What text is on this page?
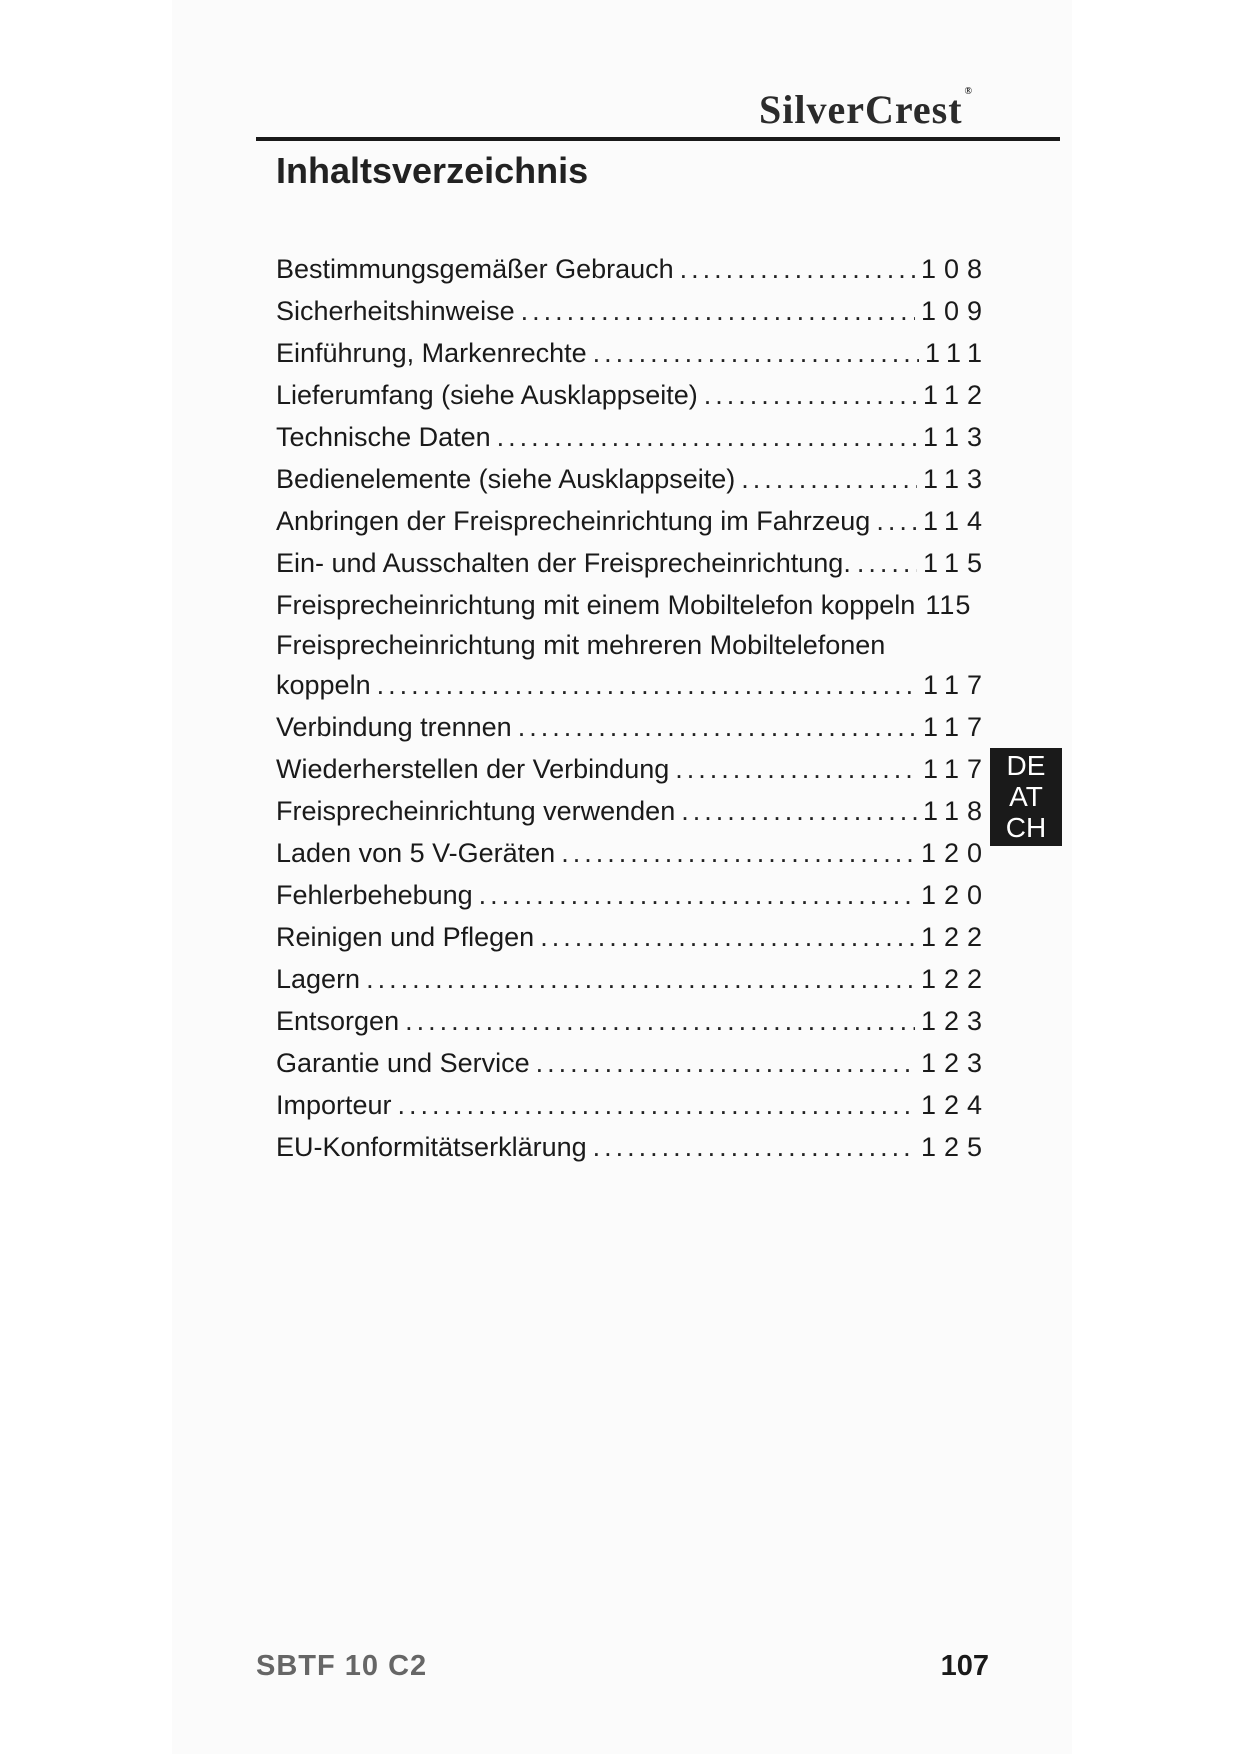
SilverCrest ®
Inhaltsverzeichnis
Bestimmungsgemäßer Gebrauch .....	108
Sicherheitshinweise .....	109
Einführung, Markenrechte .....	111
Lieferumfang (siehe Ausklappseite) .....	112
Technische Daten .....	113
Bedienelemente (siehe Ausklappseite) .....	113
Anbringen der Freisprecheinrichtung im Fahrzeug ..... 114
Ein- und Ausschalten der Freisprecheinrichtung. .....	115
Freisprecheinrichtung mit einem Mobiltelefon koppeln 115
Freisprecheinrichtung mit mehreren Mobiltelefonen
koppeln .....	117
Verbindung trennen .....	117
Wiederherstellen der Verbindung .....	117
Freisprecheinrichtung verwenden .....	118
Laden von 5 V-Geräten .....	120
Fehlerbehebung .....	120
Reinigen und Pflegen .....	122
Lagern .....	122
Entsorgen .....	123
Garantie und Service .....	123
Importeur .....	124
EU-Konformitätserklärung .....	125
DE
AT
CH
SBTF 10 C2	107
